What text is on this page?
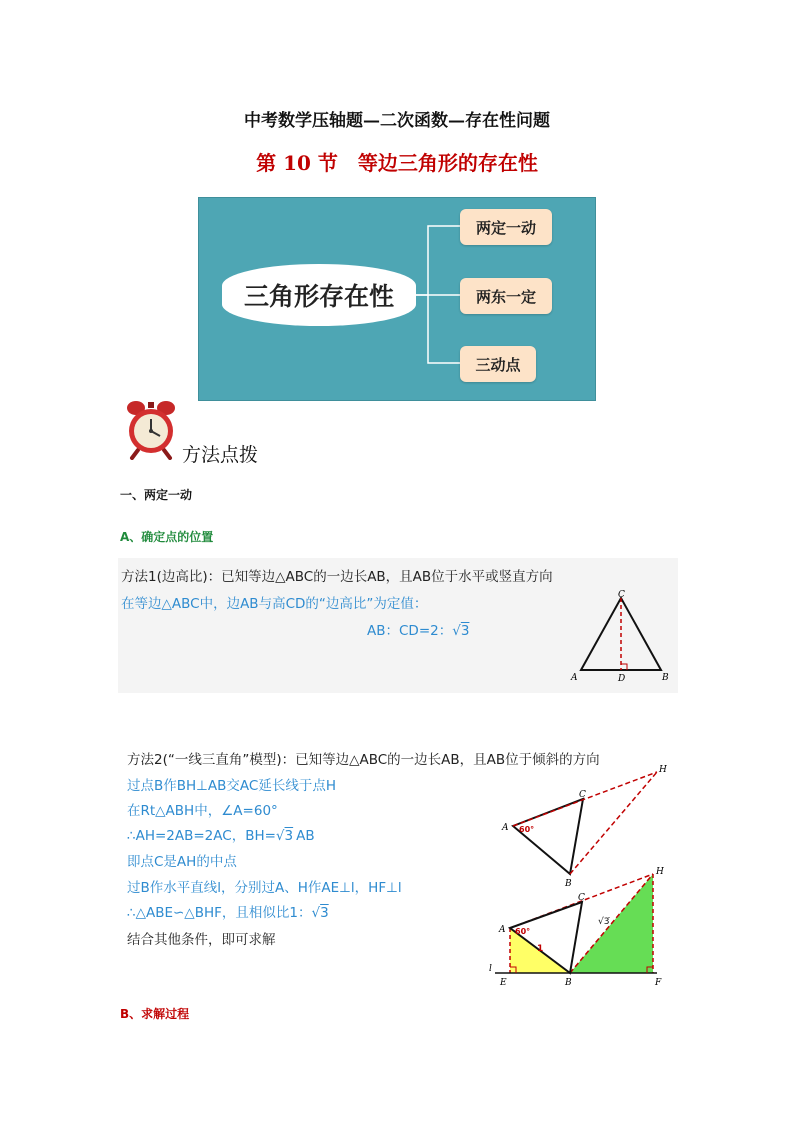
中考数学压轴题—二次函数—存在性问题
第 10 节　等边三角形的存在性
三角形存在性
两定一动
两东一定
三动点
方法点拨
一、两定一动
A、确定点的位置
方法1(边高比)：已知等边△ABC的一边长AB，且AB位于水平或竖直方向
在等边△ABC中，边AB与高CD的“边高比”为定值：
AB：CD=2：√3
C
A	D	B
方法2(“一线三直角”模型)：已知等边△ABC的一边长AB，且AB位于倾斜的方向
过点B作BH⊥AB交AC延长线于点H
在Rt△ABH中，∠A=60°
∴AH=2AB=2AC，BH=√3 AB
即点C是AH的中点
过B作水平直线l，分别过A、H作AE⊥l，HF⊥l
∴△ABE∽△BHF，且相似比1：√3
结合其他条件，即可求解
60°
H
C
A
B
60°
1
√3
H
C
A
l
E	B	F
B、求解过程
